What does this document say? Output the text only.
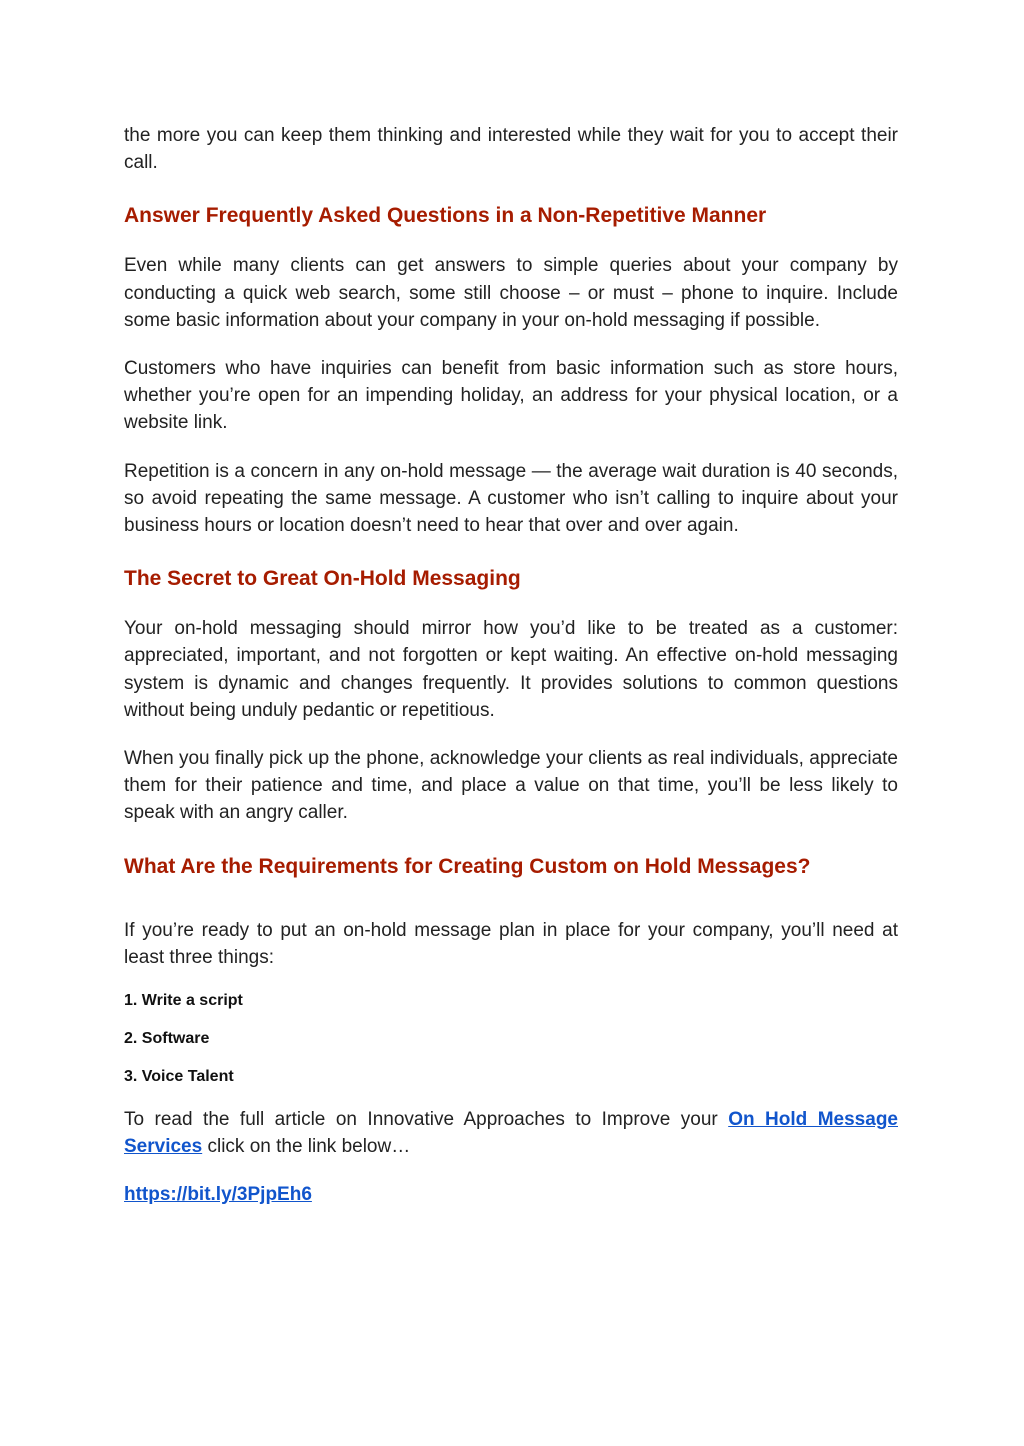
the more you can keep them thinking and interested while they wait for you to accept their call.

Answer Frequently Asked Questions in a Non-Repetitive Manner

Even while many clients can get answers to simple queries about your company by conducting a quick web search, some still choose – or must – phone to inquire. Include some basic information about your company in your on-hold messaging if possible.

Customers who have inquiries can benefit from basic information such as store hours, whether you’re open for an impending holiday, an address for your physical location, or a website link.

Repetition is a concern in any on-hold message — the average wait duration is 40 seconds, so avoid repeating the same message. A customer who isn’t calling to inquire about your business hours or location doesn’t need to hear that over and over again.

The Secret to Great On-Hold Messaging

Your on-hold messaging should mirror how you’d like to be treated as a customer: appreciated, important, and not forgotten or kept waiting. An effective on-hold messaging system is dynamic and changes frequently. It provides solutions to common questions without being unduly pedantic or repetitious.

When you finally pick up the phone, acknowledge your clients as real individuals, appreciate them for their patience and time, and place a value on that time, you’ll be less likely to speak with an angry caller.

What Are the Requirements for Creating Custom on Hold Messages?

If you’re ready to put an on-hold message plan in place for your company, you’ll need at least three things:

1. Write a script
2. Software
3. Voice Talent

To read the full article on Innovative Approaches to Improve your On Hold Message Services click on the link below…

https://bit.ly/3PjpEh6
